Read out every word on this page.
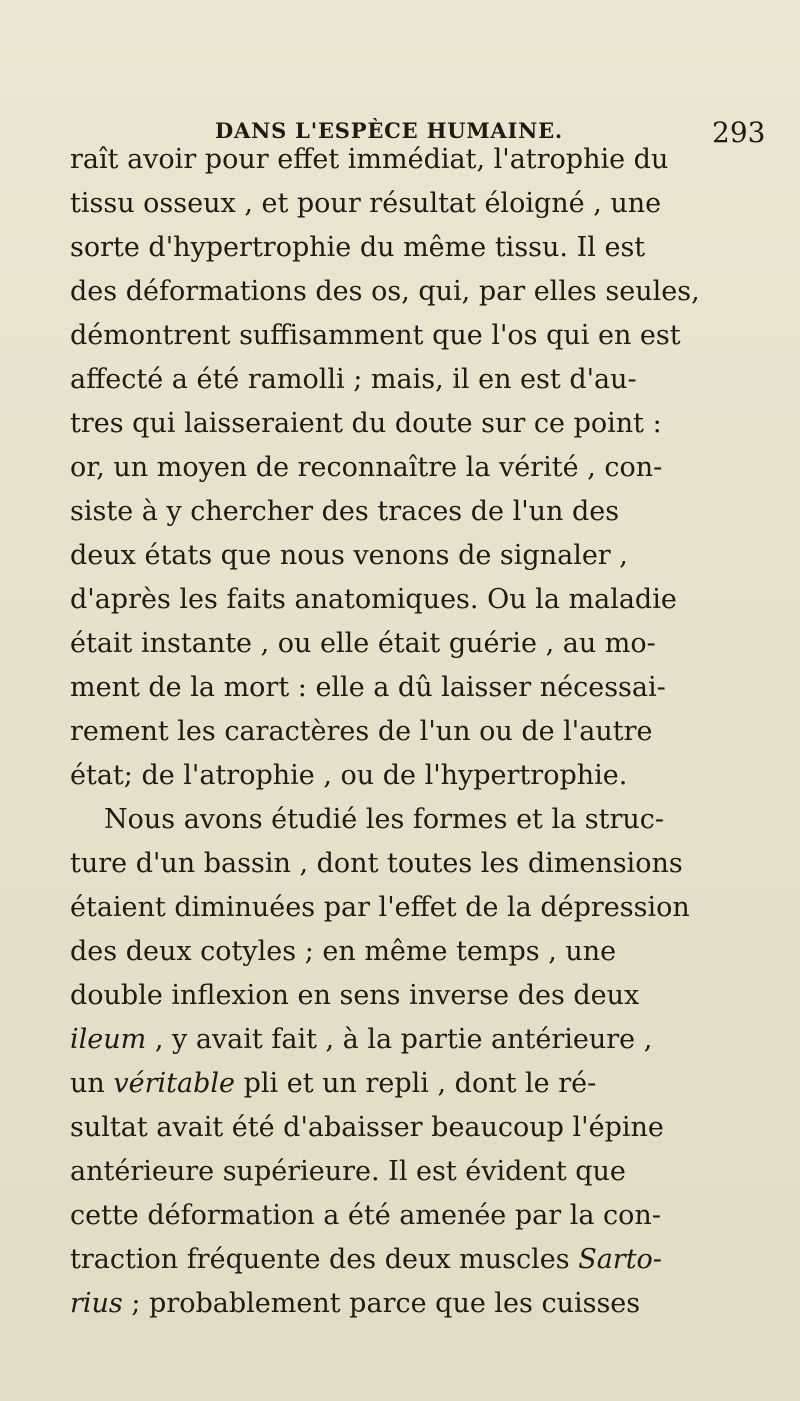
DANS L'ESPÈCE HUMAINE.	293
raît avoir pour effet immédiat, l'atrophie du
tissu osseux , et pour résultat éloigné , une
sorte d'hypertrophie du même tissu. Il est
des déformations des os, qui, par elles seules,
démontrent suffisamment que l'os qui en est
affecté a été ramolli ; mais, il en est d'au-
tres qui laisseraient du doute sur ce point :
or, un moyen de reconnaître la vérité , con-
siste à y chercher des traces de l'un des
deux états que nous venons de signaler ,
d'après les faits anatomiques. Ou la maladie
était instante , ou elle était guérie , au mo-
ment de la mort : elle a dû laisser nécessai-
rement les caractères de l'un ou de l'autre
état; de l'atrophie , ou de l'hypertrophie.
Nous avons étudié les formes et la struc-
ture d'un bassin , dont toutes les dimensions
étaient diminuées par l'effet de la dépression
des deux cotyles ; en même temps , une
double inflexion en sens inverse des deux
ileum , y avait fait , à la partie antérieure ,
un véritable pli et un repli , dont le ré-
sultat avait été d'abaisser beaucoup l'épine
antérieure supérieure. Il est évident que
cette déformation a été amenée par la con-
traction fréquente des deux muscles Sarto-
rius ; probablement parce que les cuisses
